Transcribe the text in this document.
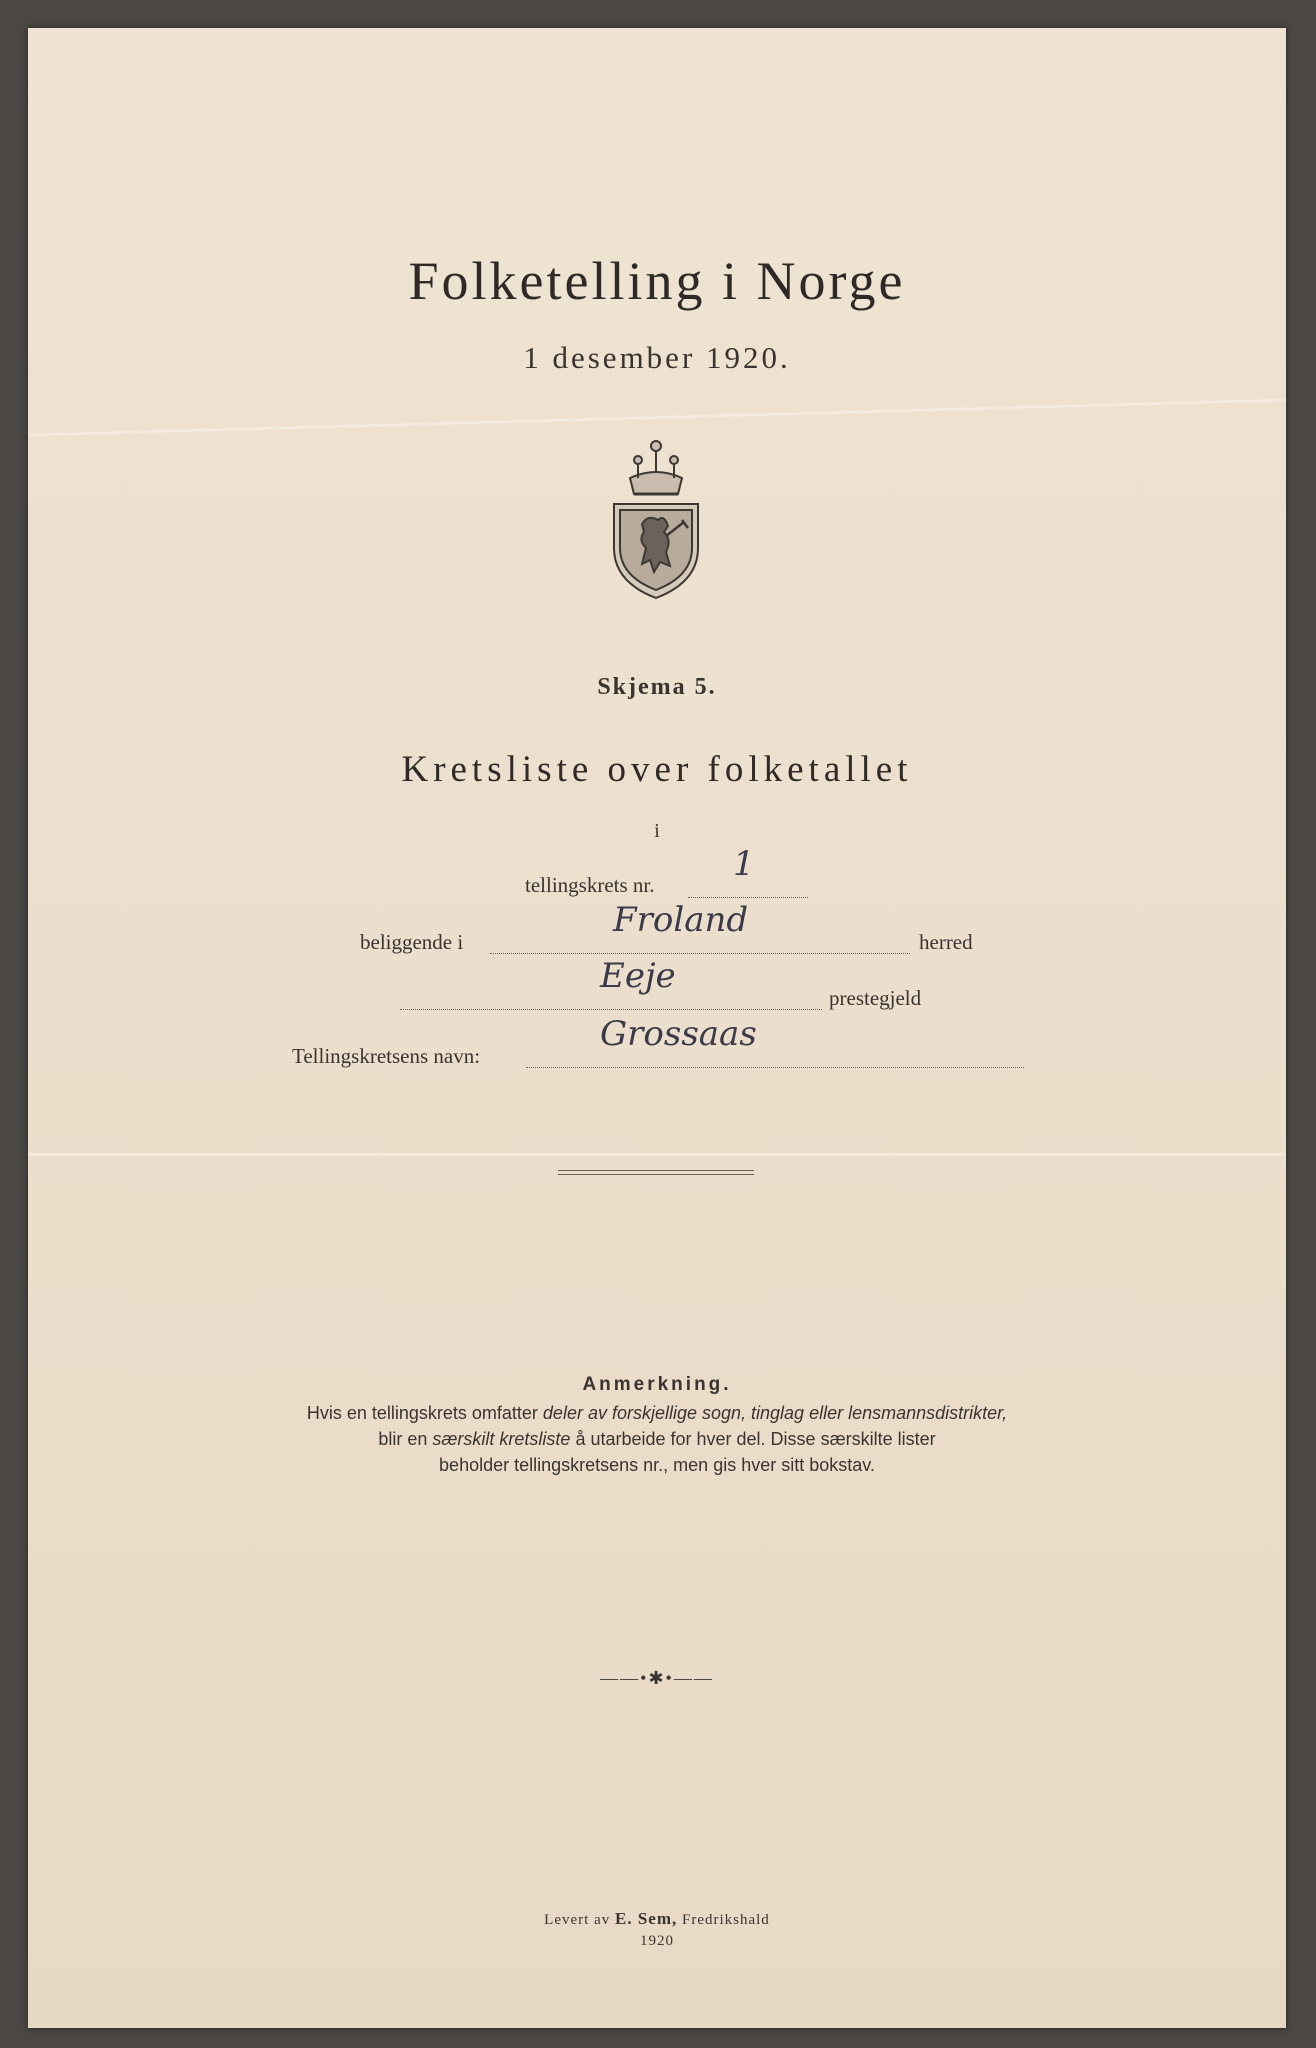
Folketelling i Norge
1 desember 1920.
Skjema 5.
Kretsliste over folketallet
i
tellingskrets nr.
1
beliggende i
Froland
herred
Eeje
prestegjeld
Tellingskretsens navn:
Grossaas
Anmerkning.
Hvis en tellingskrets omfatter deler av forskjellige sogn, tinglag eller lensmannsdistrikter,
blir en særskilt kretsliste å utarbeide for hver del. Disse særskilte lister
beholder tellingskretsens nr., men gis hver sitt bokstav.
——•✱•——
Levert av E. Sem, Fredrikshald
1920
